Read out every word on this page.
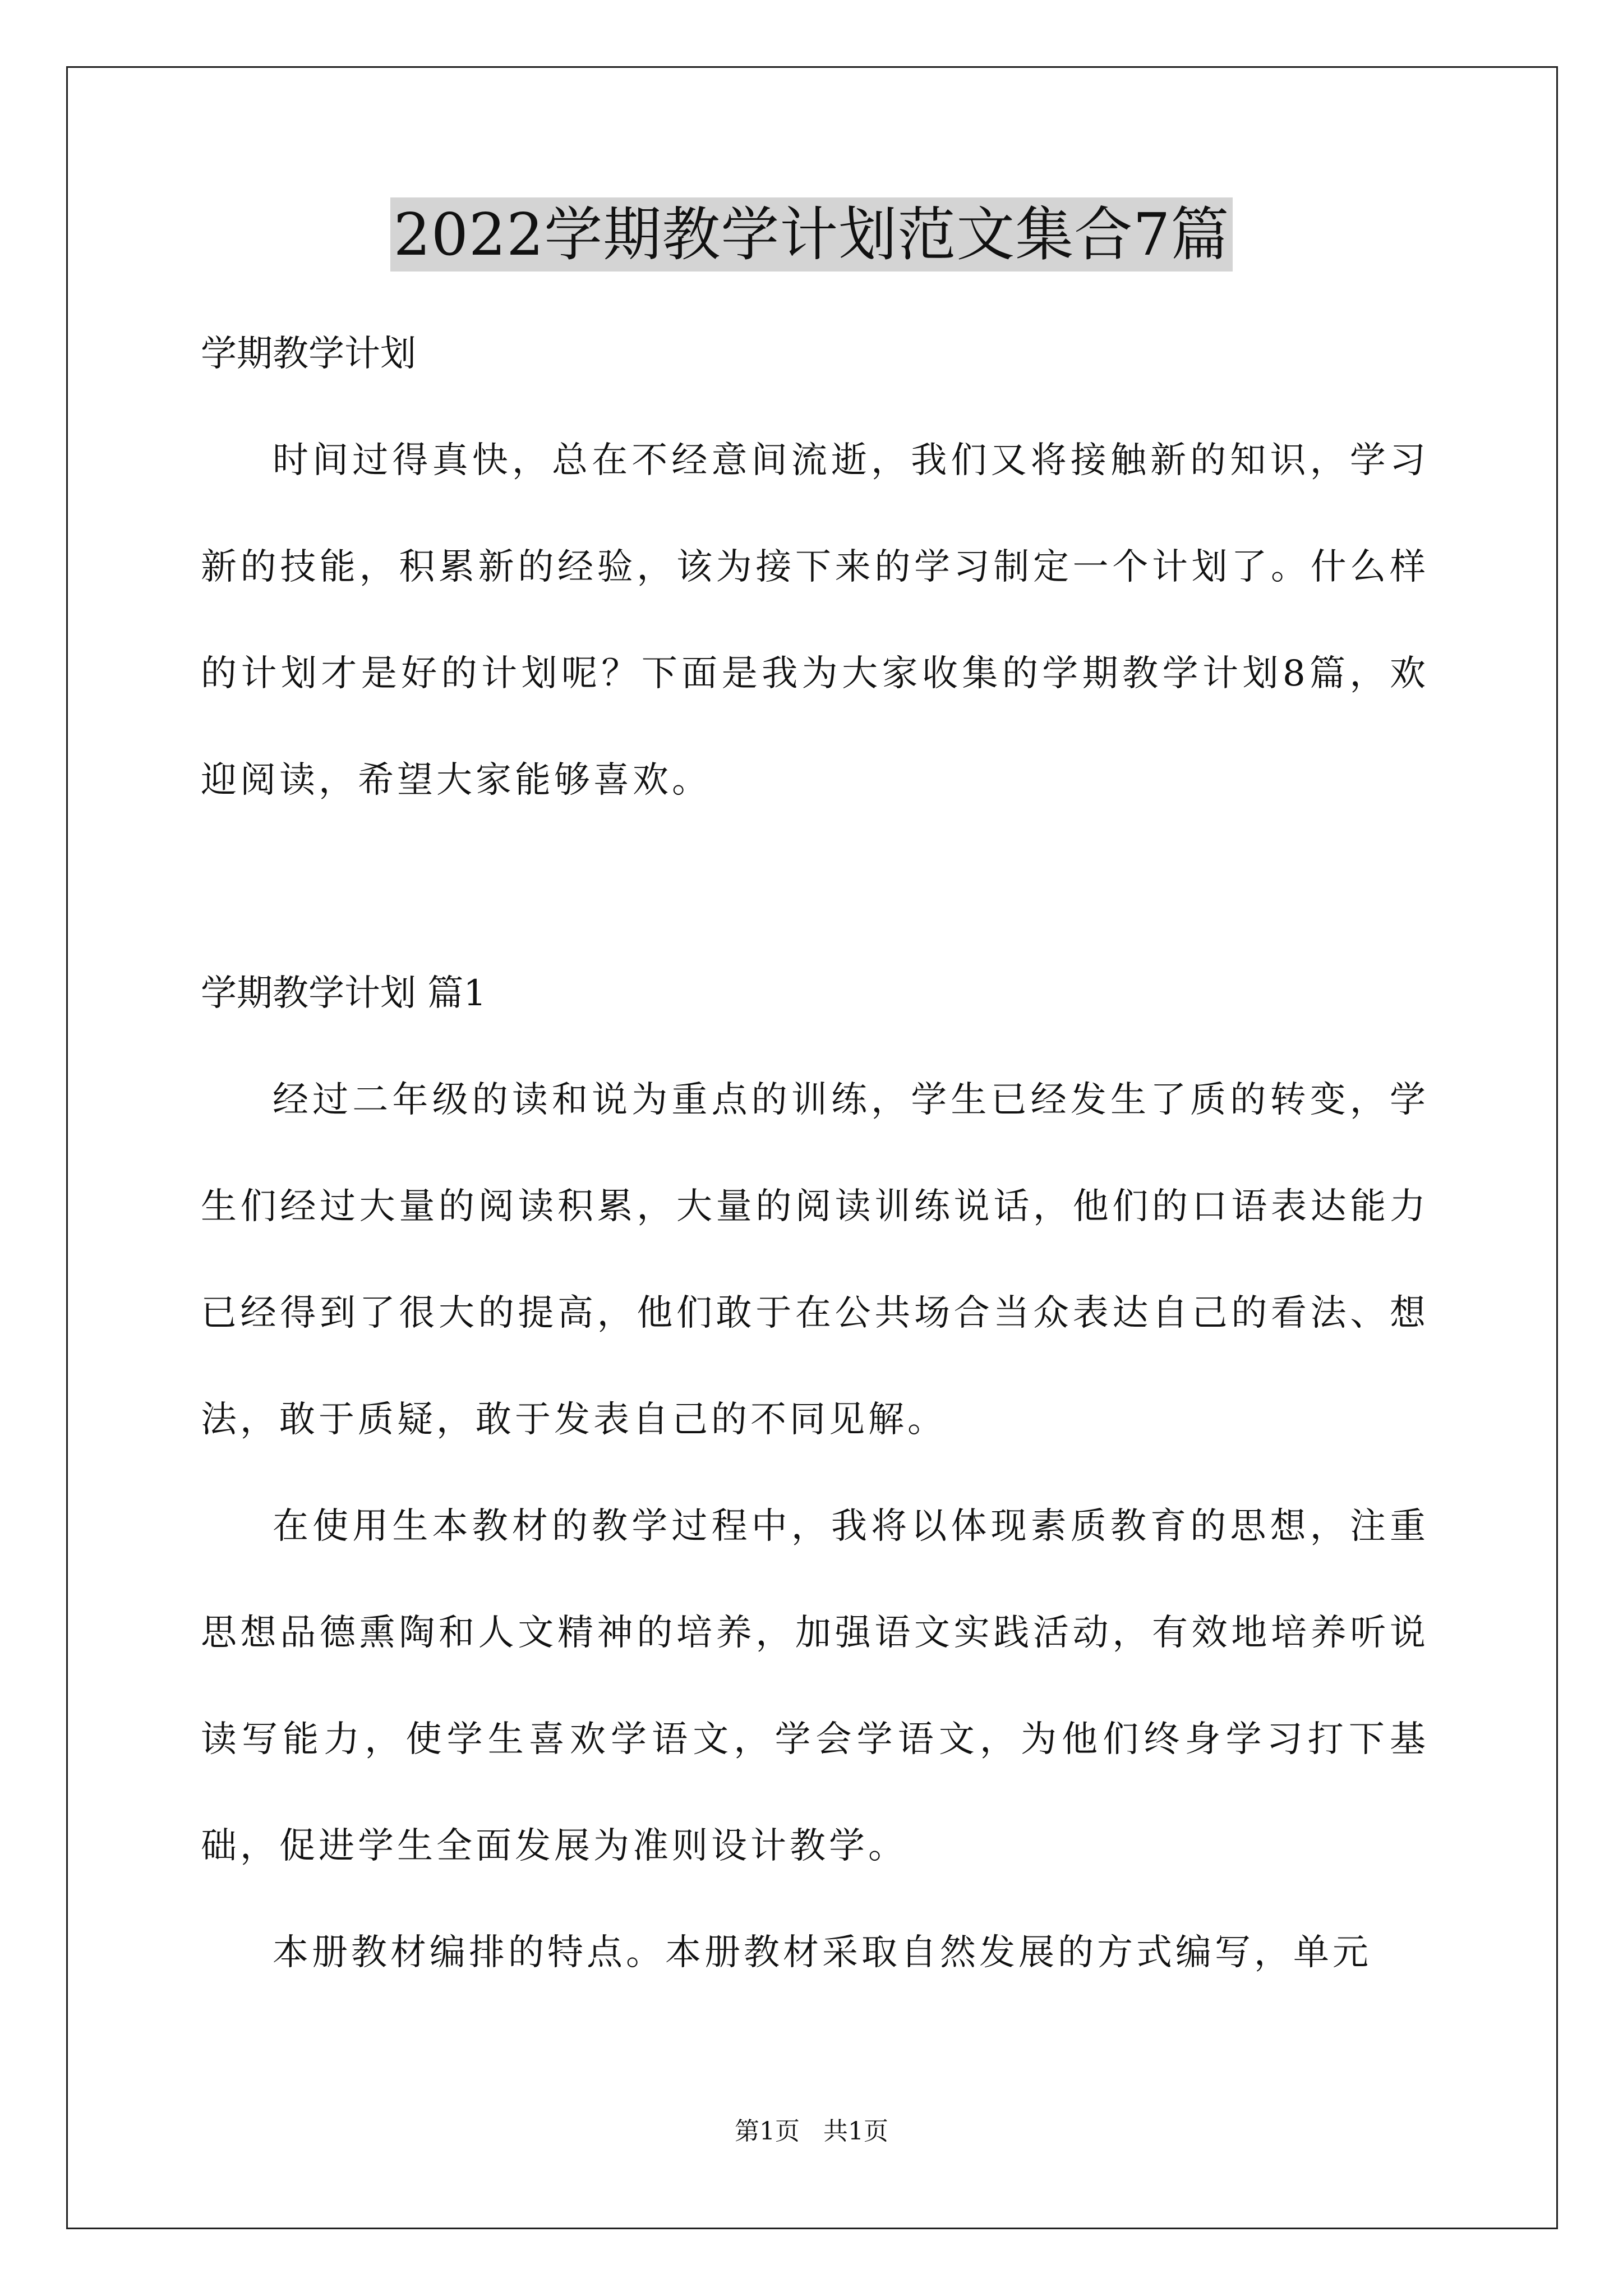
2022学期教学计划范文集合7篇

学期教学计划

时间过得真快，总在不经意间流逝，我们又将接触新的知识，学习新的技能，积累新的经验，该为接下来的学习制定一个计划了。什么样的计划才是好的计划呢？下面是我为大家收集的学期教学计划8篇，欢迎阅读，希望大家能够喜欢。

学期教学计划 篇1

经过二年级的读和说为重点的训练，学生已经发生了质的转变，学生们经过大量的阅读积累，大量的阅读训练说话，他们的口语表达能力已经得到了很大的提高，他们敢于在公共场合当众表达自己的看法、想法，敢于质疑，敢于发表自己的不同见解。

在使用生本教材的教学过程中，我将以体现素质教育的思想，注重思想品德熏陶和人文精神的培养，加强语文实践活动，有效地培养听说读写能力，使学生喜欢学语文，学会学语文，为他们终身学习打下基础，促进学生全面发展为准则设计教学。

本册教材编排的特点。本册教材采取自然发展的方式编写，单元

第1页   共1页
